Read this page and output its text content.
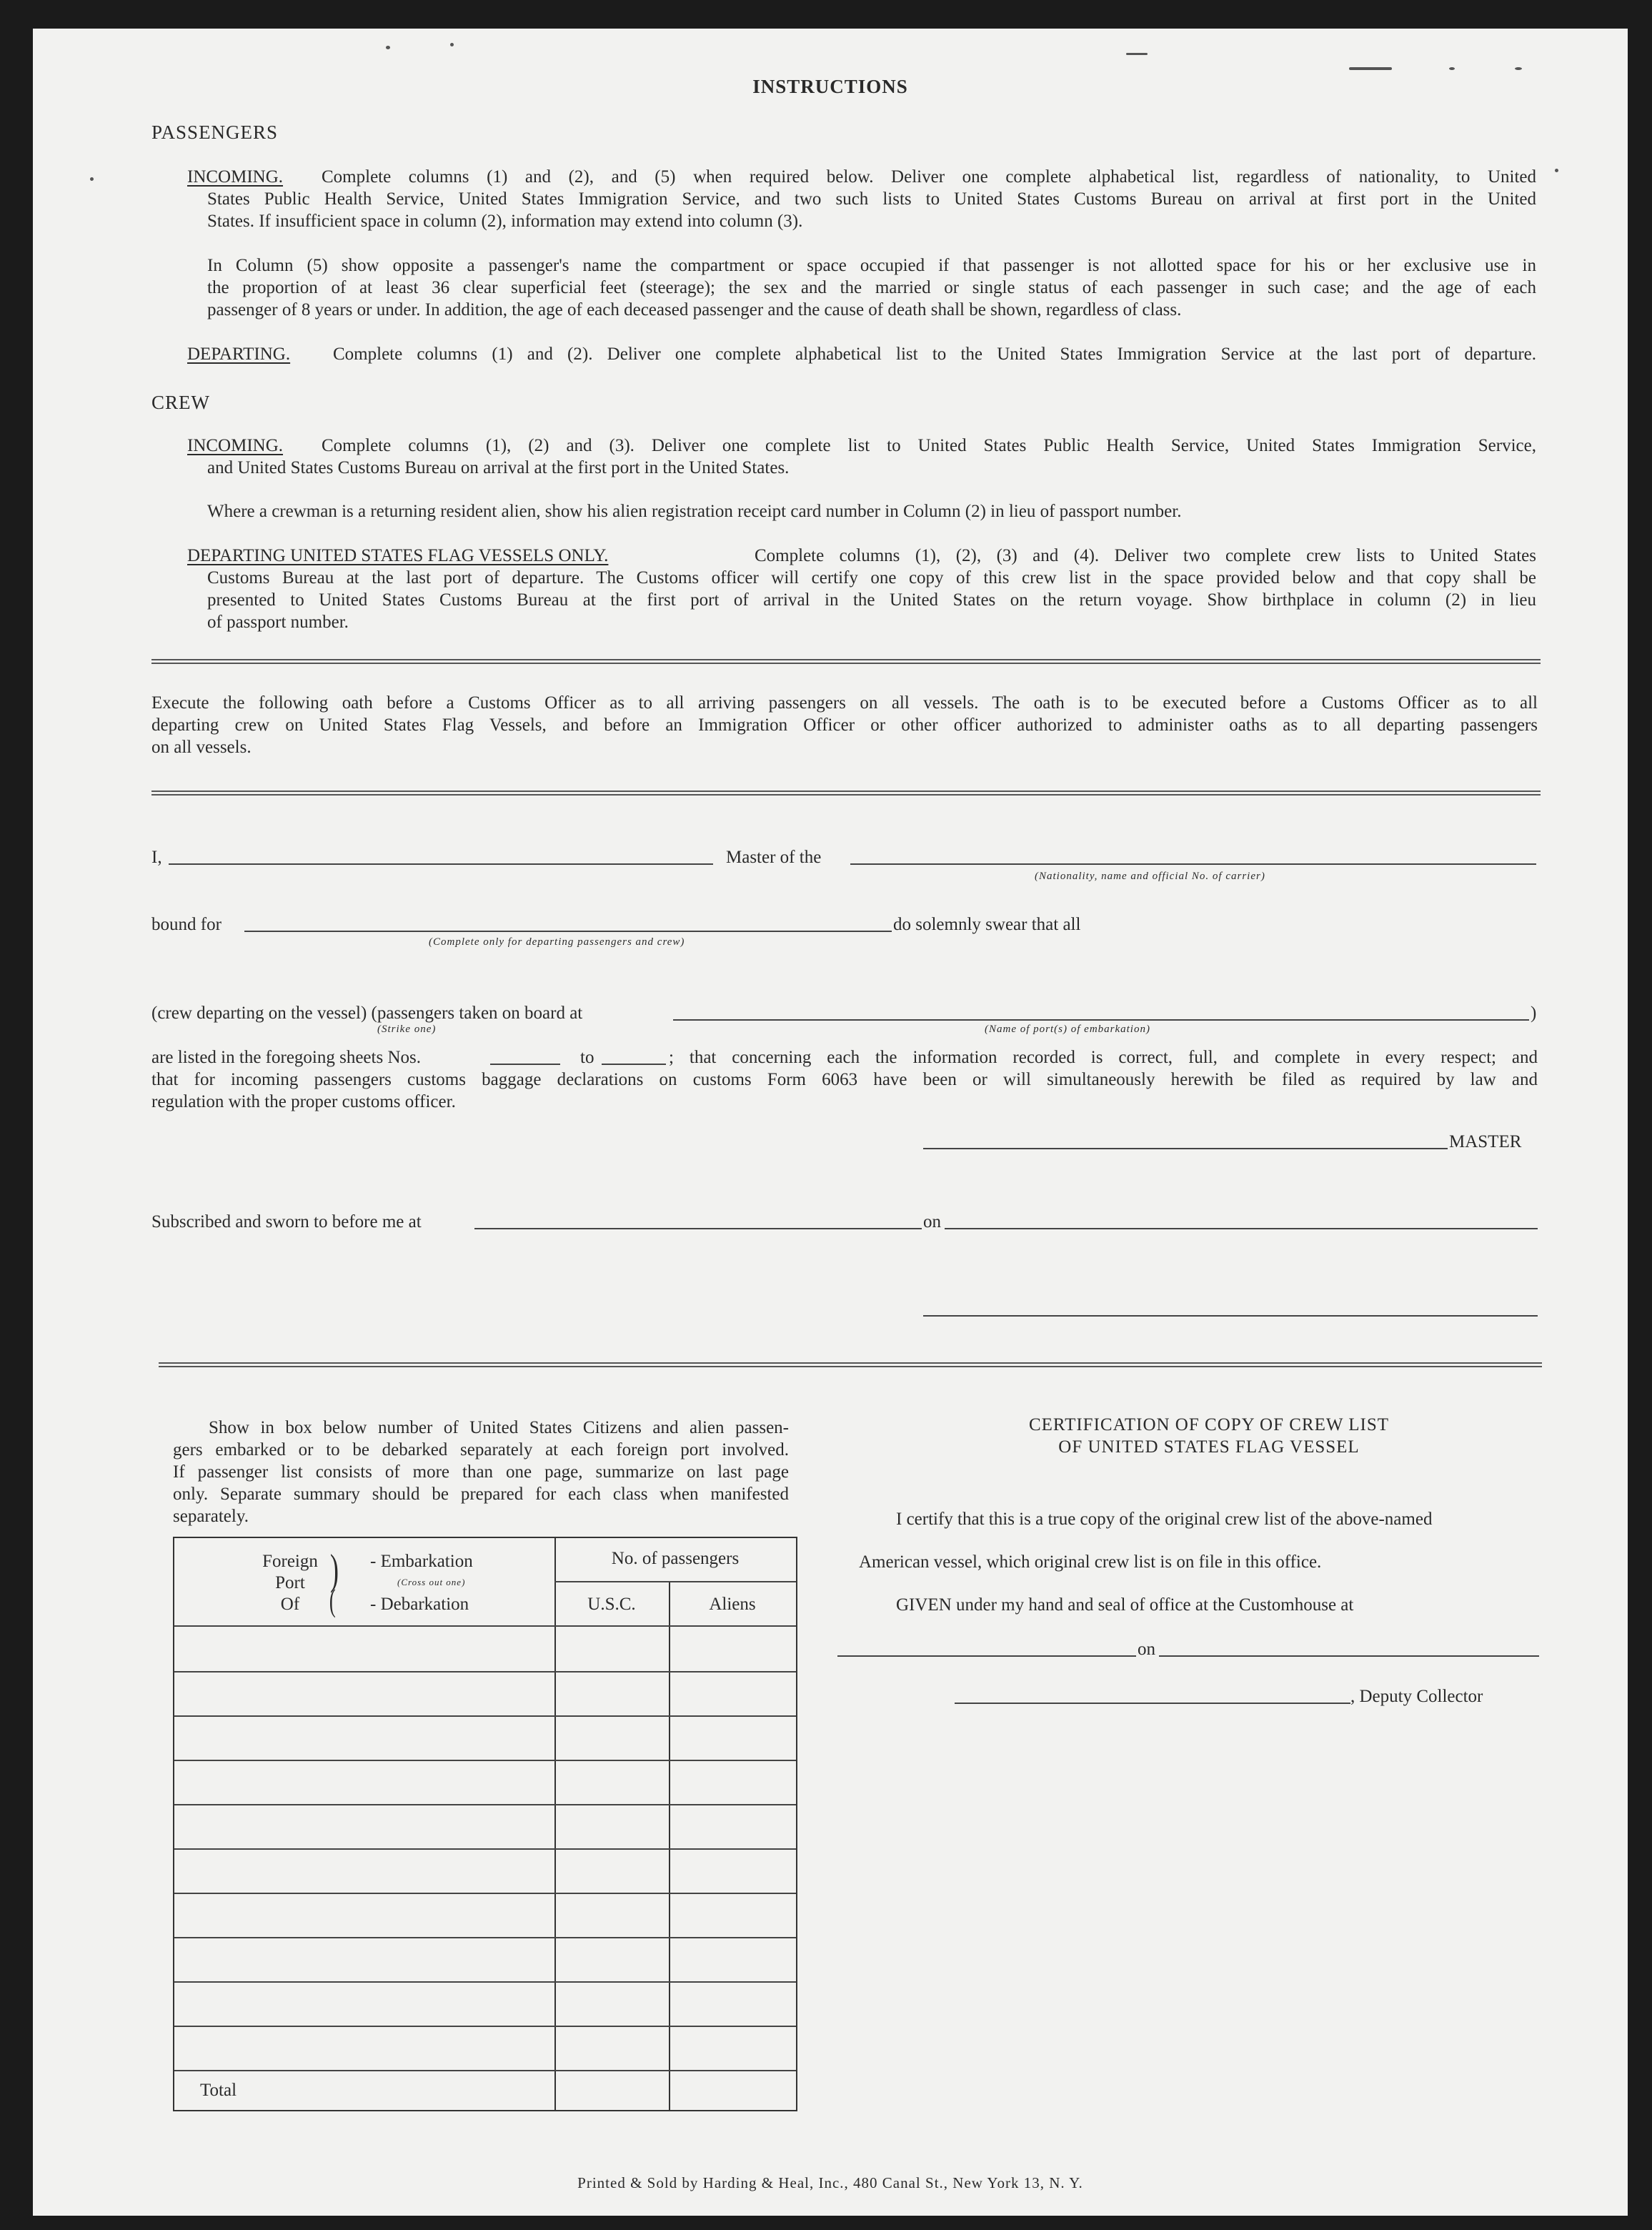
INSTRUCTIONS
PASSENGERS
INCOMING.	Complete columns (1) and (2), and (5) when required below. Deliver one complete alphabetical list, regardless of nationality, to United
States Public Health Service, United States Immigration Service, and two such lists to United States Customs Bureau on arrival at first port in the United
States. If insufficient space in column (2), information may extend into column (3).
In Column (5) show opposite a passenger's name the compartment or space occupied if that passenger is not allotted space for his or her exclusive use in
the proportion of at least 36 clear superficial feet (steerage); the sex and the married or single status of each passenger in such case; and the age of each
passenger of 8 years or under. In addition, the age of each deceased passenger and the cause of death shall be shown, regardless of class.
DEPARTING. Complete columns (1) and (2). Deliver one complete alphabetical list to the United States Immigration Service at the last port of departure.
CREW
INCOMING. Complete columns (1), (2) and (3). Deliver one complete list to United States Public Health Service, United States Immigration Service,
and United States Customs Bureau on arrival at the first port in the United States.
Where a crewman is a returning resident alien, show his alien registration receipt card number in Column (2) in lieu of passport number.
DEPARTING UNITED STATES FLAG VESSELS ONLY.	Complete columns (1), (2), (3) and (4). Deliver two complete crew lists to United States
Customs Bureau at the last port of departure. The Customs officer will certify one copy of this crew list in the space provided below and that copy shall be
presented to United States Customs Bureau at the first port of arrival in the United States on the return voyage. Show birthplace in column (2) in lieu
of passport number.
Execute the following oath before a Customs Officer as to all arriving passengers on all vessels. The oath is to be executed before a Customs Officer as to all
departing crew on United States Flag Vessels, and before an Immigration Officer or other officer authorized to administer oaths as to all departing passengers
on all vessels.
I,	Master of the
(Nationality, name and official No. of carrier)
bound for	do solemnly swear that all
(Complete only for departing passengers and crew)
(crew departing on the vessel) (passengers taken on board at	)
(Strike one)	(Name of port(s) of embarkation)
are listed in the foregoing sheets Nos.	to	; that concerning each the information recorded is correct, full, and complete in every respect; and
that for incoming passengers customs baggage declarations on customs Form 6063 have been or will simultaneously herewith be filed as required by law and
regulation with the proper customs officer.
MASTER
Subscribed and sworn to before me at	on
Show in box below number of United States Citizens and alien passen-
gers embarked or to be debarked separately at each foreign port involved.
If passenger list consists of more than one page, summarize on last page
only. Separate summary should be prepared for each class when manifested
separately.
Foreign
Port
Of
)
(
- Embarkation
(Cross out one)
- Debarkation
No. of passengers
U.S.C.	Aliens
Total
CERTIFICATION OF COPY OF CREW LIST
OF UNITED STATES FLAG VESSEL
I certify that this is a true copy of the original crew list of the above-named
American vessel, which original crew list is on file in this office.
GIVEN under my hand and seal of office at the Customhouse at
on
, Deputy Collector
Printed & Sold by Harding & Heal, Inc., 480 Canal St., New York 13, N. Y.
